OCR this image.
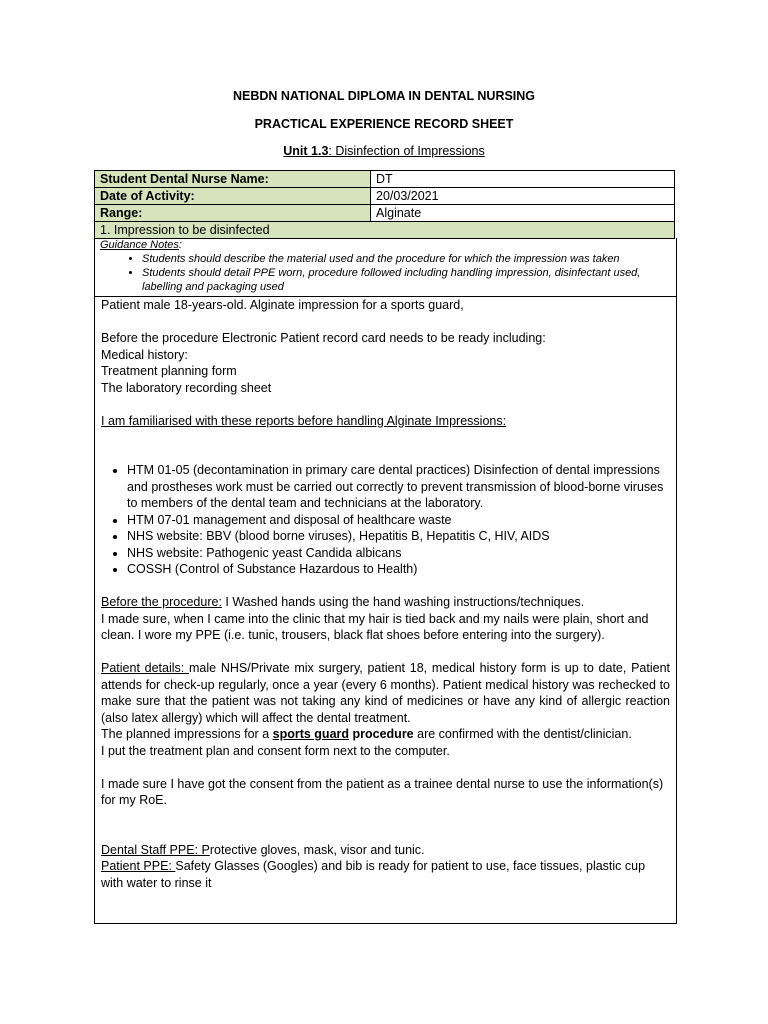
NEBDN NATIONAL DIPLOMA IN DENTAL NURSING
PRACTICAL EXPERIENCE RECORD SHEET
Unit 1.3: Disinfection of Impressions
Student Dental Nurse Name:	DT
Date of Activity:	20/03/2021
Range:	Alginate
1. Impression to be disinfected	
Guidance Notes:
• Students should describe the material used and the procedure for which the impression was taken
• Students should detail PPE worn, procedure followed including handling impression, disinfectant used, labelling and packaging used

Patient male 18-years-old. Alginate impression for a sports guard,

Before the procedure Electronic Patient record card needs to be ready including:

Medical history:

Treatment planning form

The laboratory recording sheet

I am familiarised with these reports before handling Alginate Impressions:

• HTM 01-05 (decontamination in primary care dental practices) Disinfection of dental impressions and prostheses work must be carried out correctly to prevent transmission of blood-borne viruses to members of the dental team and technicians at the laboratory.
• HTM 07-01 management and disposal of healthcare waste
• NHS website: BBV (blood borne viruses), Hepatitis B, Hepatitis C, HIV, AIDS
• NHS website: Pathogenic yeast Candida albicans
• COSSH (Control of Substance Hazardous to Health)

Before the procedure: I Washed hands using the hand washing instructions/techniques.

I made sure, when I came into the clinic that my hair is tied back and my nails were plain, short and clean. I wore my PPE (i.e. tunic, trousers, black flat shoes before entering into the surgery).

Patient details: male NHS/Private mix surgery, patient 18, medical history form is up to date, Patient attends for check-up regularly, once a year (every 6 months). Patient medical history was rechecked to make sure that the patient was not taking any kind of medicines or have any kind of allergic reaction (also latex allergy) which will affect the dental treatment.

The planned impressions for a sports guard procedure are confirmed with the dentist/clinician.

I put the treatment plan and consent form next to the computer.

I made sure I have got the consent from the patient as a trainee dental nurse to use the information(s) for my RoE.

Dental Staff PPE: Protective gloves, mask, visor and tunic.

Patient PPE: Safety Glasses (Googles) and bib is ready for patient to use, face tissues, plastic cup with water to rinse it
